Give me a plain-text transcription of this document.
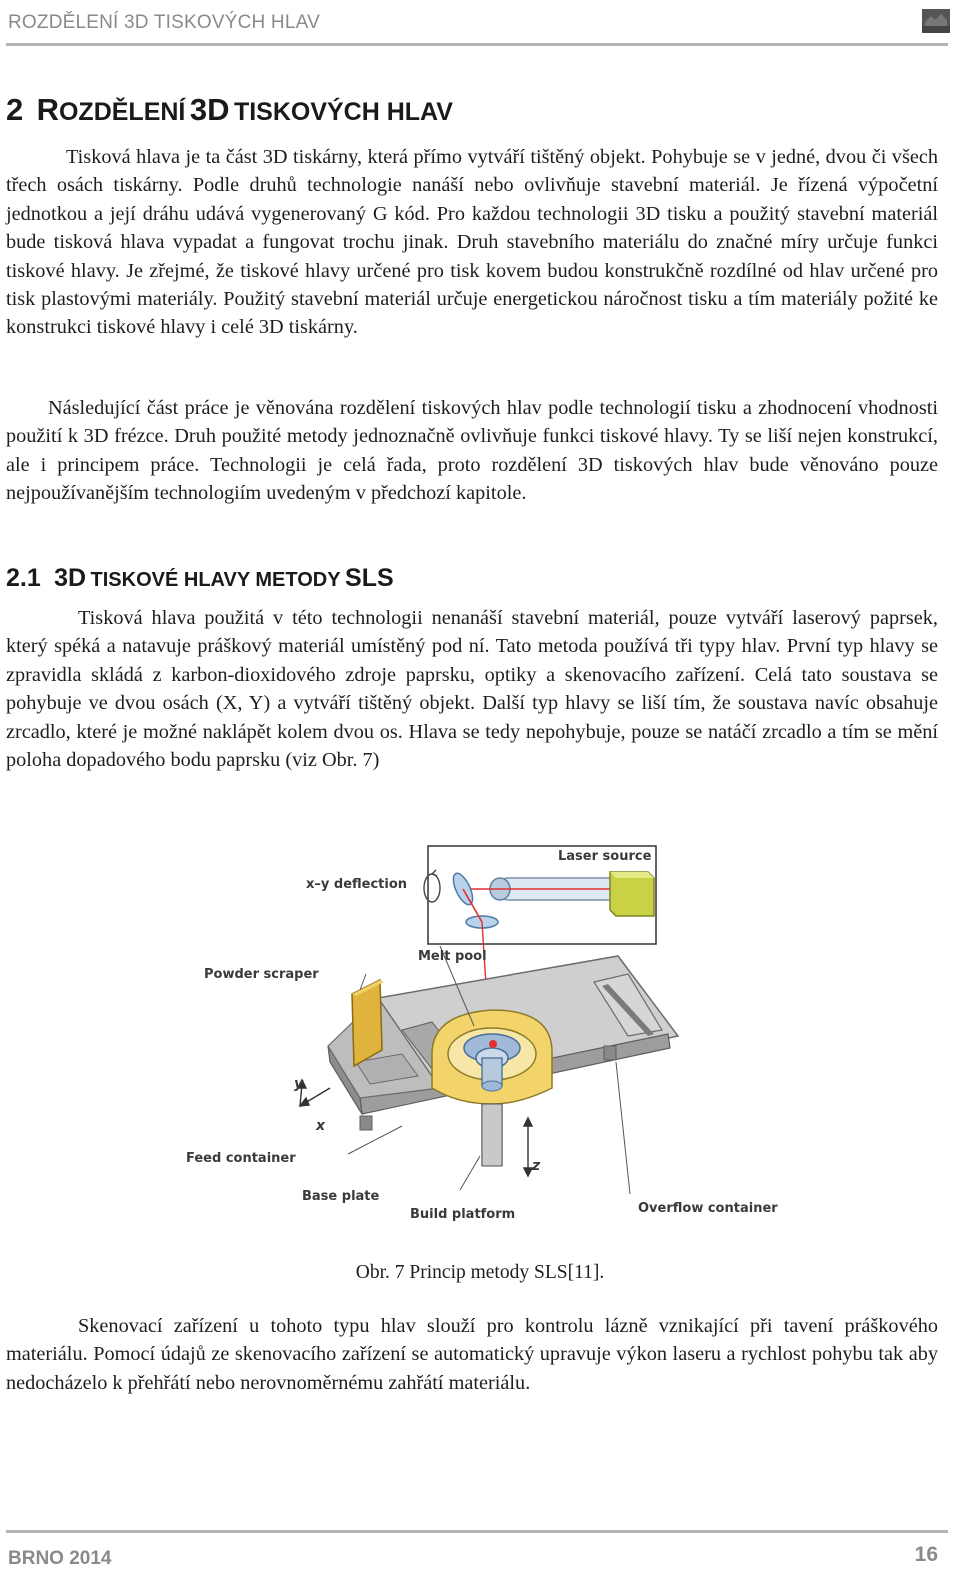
ROZDĚLENÍ 3D TISKOVÝCH HLAV
2 ROZDĚLENÍ 3D TISKOVÝCH HLAV

Tisková hlava je ta část 3D tiskárny, která přímo vytváří tištěný objekt. Pohybuje se v jedné, dvou či všech třech osách tiskárny. Podle druhů technologie nanáší nebo ovlivňuje stavební materiál. Je řízená výpočetní jednotkou a její dráhu udává vygenerovaný G kód. Pro každou technologii 3D tisku a použitý stavební materiál bude tisková hlava vypadat a fungovat trochu jinak. Druh stavebního materiálu do značné míry určuje funkci tiskové hlavy. Je zřejmé, že tiskové hlavy určené pro tisk kovem budou konstrukčně rozdílné od hlav určené pro tisk plastovými materiály. Použitý stavební materiál určuje energetickou náročnost tisku a tím materiály požité ke konstrukci tiskové hlavy i celé 3D tiskárny.

Následující část práce je věnována rozdělení tiskových hlav podle technologií tisku a zhodnocení vhodnosti použití k 3D frézce. Druh použité metody jednoznačně ovlivňuje funkci tiskové hlavy. Ty se liší nejen konstrukcí, ale i principem práce. Technologii je celá řada, proto rozdělení 3D tiskových hlav bude věnováno pouze nejpoužívanějším technologiím uvedeným v předchozí kapitole.

2.1 3D TISKOVÉ HLAVY METODY SLS

Tisková hlava použitá v této technologii nenanáší stavební materiál, pouze vytváří laserový paprsek, který spéká a natavuje práškový materiál umístěný pod ní. Tato metoda používá tři typy hlav. První typ hlavy se zpravidla skládá z karbon-dioxidového zdroje paprsku, optiky a skenovacího zařízení. Celá tato soustava se pohybuje ve dvou osách (X, Y) a vytváří tištěný objekt. Další typ hlavy se liší tím, že soustava navíc obsahuje zrcadlo, které je možné naklápět kolem dvou os. Hlava se tedy nepohybuje, pouze se natáčí zrcadlo a tím se mění poloha dopadového bodu paprsku (viz Obr. 7)

Laser source
x–y deflection
Melt pool
Powder scraper
Feed container
Base plate
Build platform	Overflow container
y
x
z
Obr. 7 Princip metody SLS[11].

Skenovací zařízení u tohoto typu hlav slouží pro kontrolu lázně vznikající při tavení práškového materiálu. Pomocí údajů ze skenovacího zařízení se automatický upravuje výkon laseru a rychlost pohybu tak aby nedocházelo k přehřátí nebo nerovnoměrnému zahřátí materiálu.

BRNO 2014	16
